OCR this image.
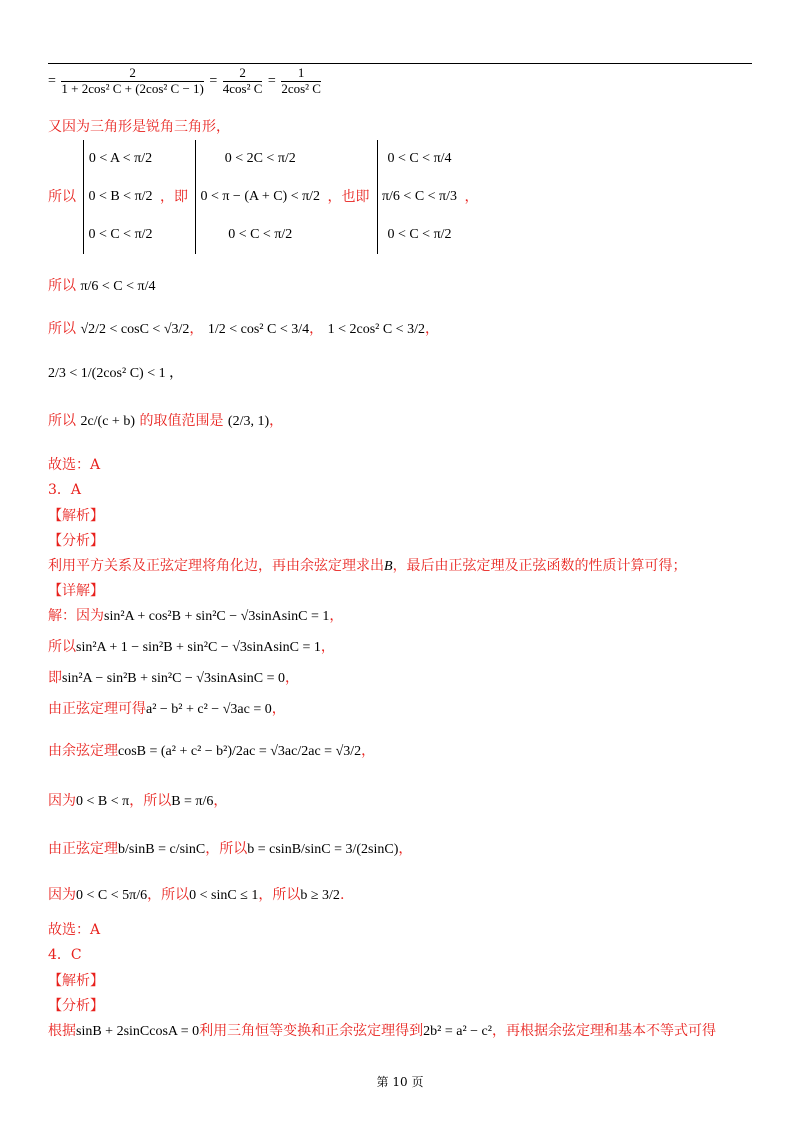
= $\frac{2}{\text{1 + 2cos² C + (2cos² C − 1)}} = \frac{2}{\text{4cos² C}} = \frac{1}{\text{2cos² C}}$
又因为三角形是锐角三角形，
所以
0 < A < π/2
0 < B < π/2
0 < C < π/2
，即
0 < 2C < π/2
0 < π − (A + C) < π/2
0 < C < π/2
，也即
0 < C < π/4
π/6 < C < π/3
0 < C < π/2
，
所以 π/6 < C < π/4
所以 √2/2 < cosC < √3/2， 1/2 < cos² C < 3/4， 1 < 2cos² C < 3/2，
2/3 < 1/(2cos² C) < 1 ，
所以 2c/(c + b) 的取值范围是 (2/3, 1)，
故选：A
3．A
【解析】
【分析】
利用平方关系及正弦定理将角化边，再由余弦定理求出B，最后由正弦定理及正弦函数的性质计算可得；
【详解】
解：因为sin²A + cos²B + sin²C − √3sinAsinC = 1，
所以sin²A + 1 − sin²B + sin²C − √3sinAsinC = 1，
即sin²A − sin²B + sin²C − √3sinAsinC = 0，
由正弦定理可得a² − b² + c² − √3ac = 0，
由余弦定理cosB = (a² + c² − b²)/2ac = √3ac/2ac = √3/2，
因为0 < B < π，所以B = π/6，
由正弦定理b/sinB = c/sinC，所以b = csinB/sinC = 3/(2sinC)，
因为0 < C < 5π/6，所以0 < sinC ≤ 1，所以b ≥ 3/2.
故选：A
4．C
【解析】
【分析】
根据sinB + 2sinCcosA = 0利用三角恒等变换和正余弦定理得到2b² = a² − c²，再根据余弦定理和基本不等式可得
第 10 页
